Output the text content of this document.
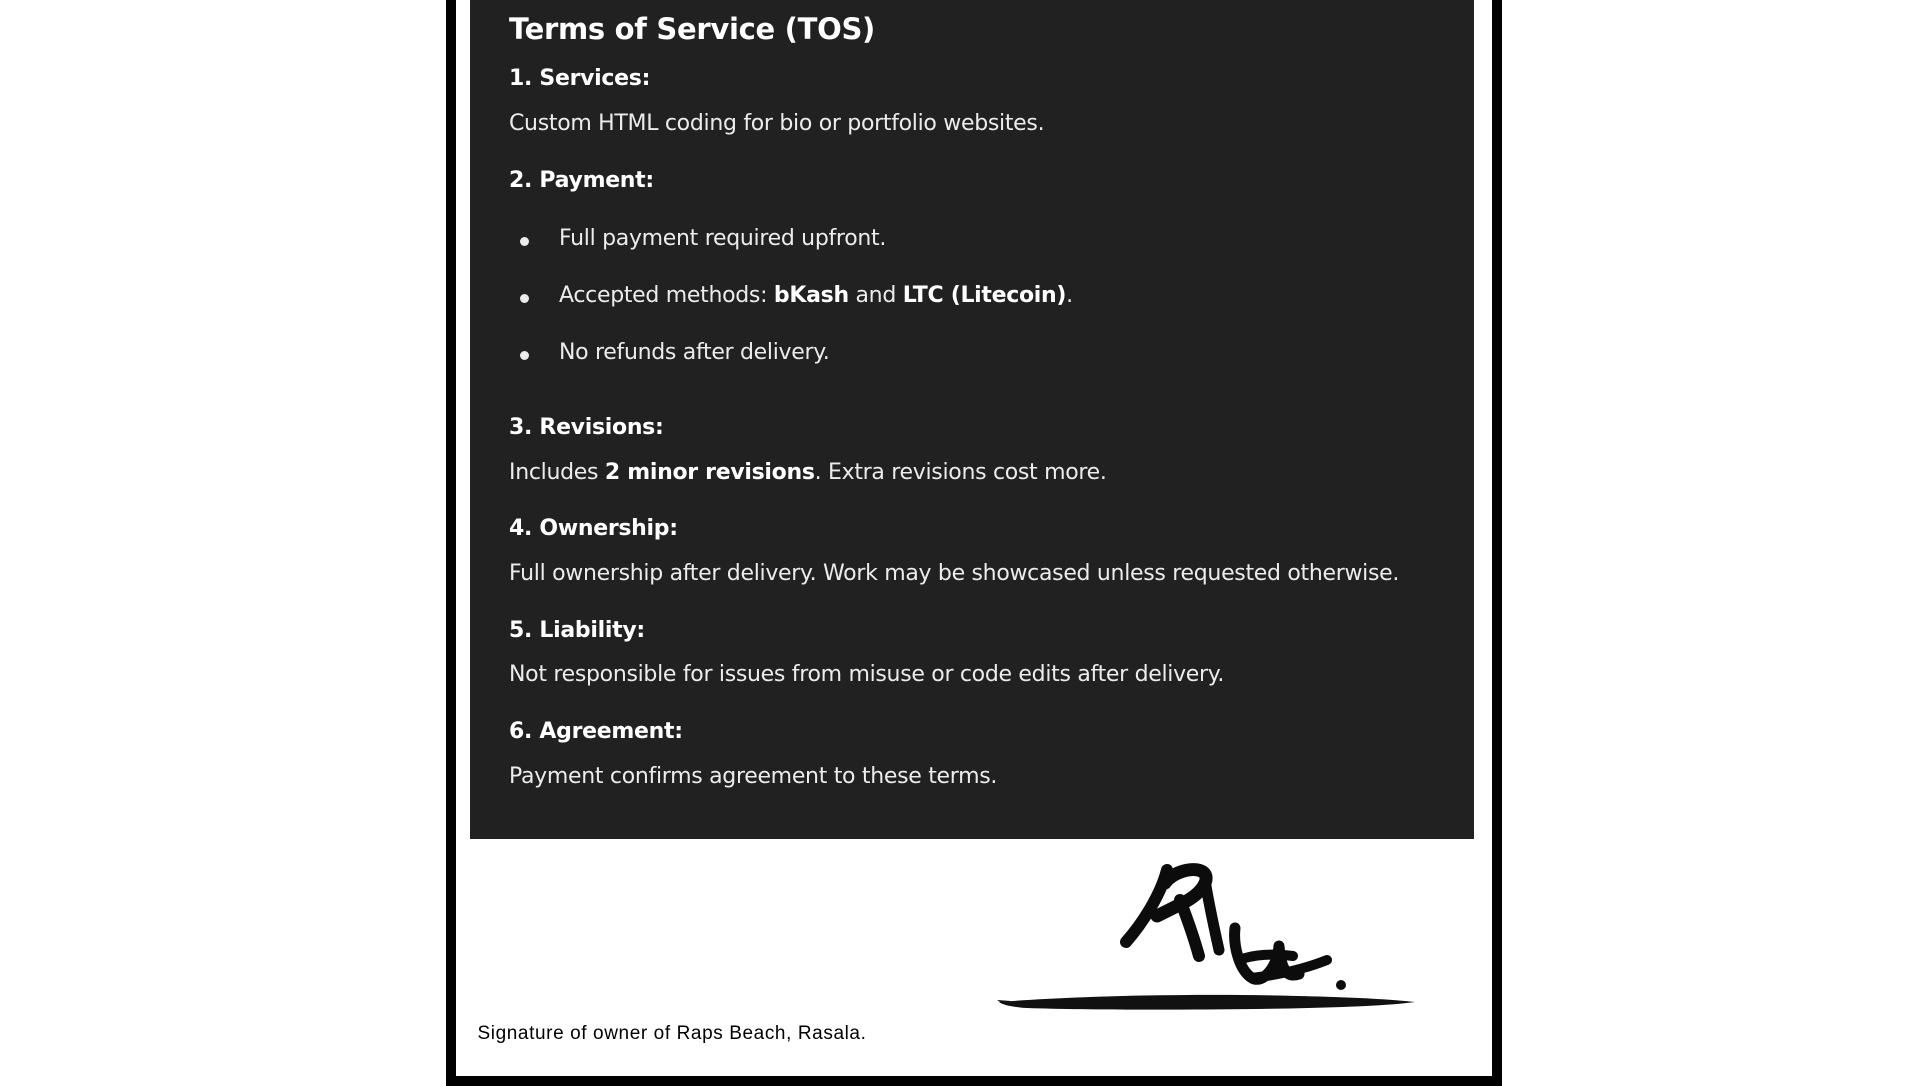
Terms of Service (TOS)

1. Services:

Custom HTML coding for bio or portfolio websites.

2. Payment:

Full payment required upfront.
Accepted methods: bKash and LTC (Litecoin).
No refunds after delivery.

3. Revisions:

Includes 2 minor revisions. Extra revisions cost more.

4. Ownership:

Full ownership after delivery. Work may be showcased unless requested otherwise.

5. Liability:

Not responsible for issues from misuse or code edits after delivery.

6. Agreement:

Payment confirms agreement to these terms.

Signature of owner of Raps Beach, Rasala.
